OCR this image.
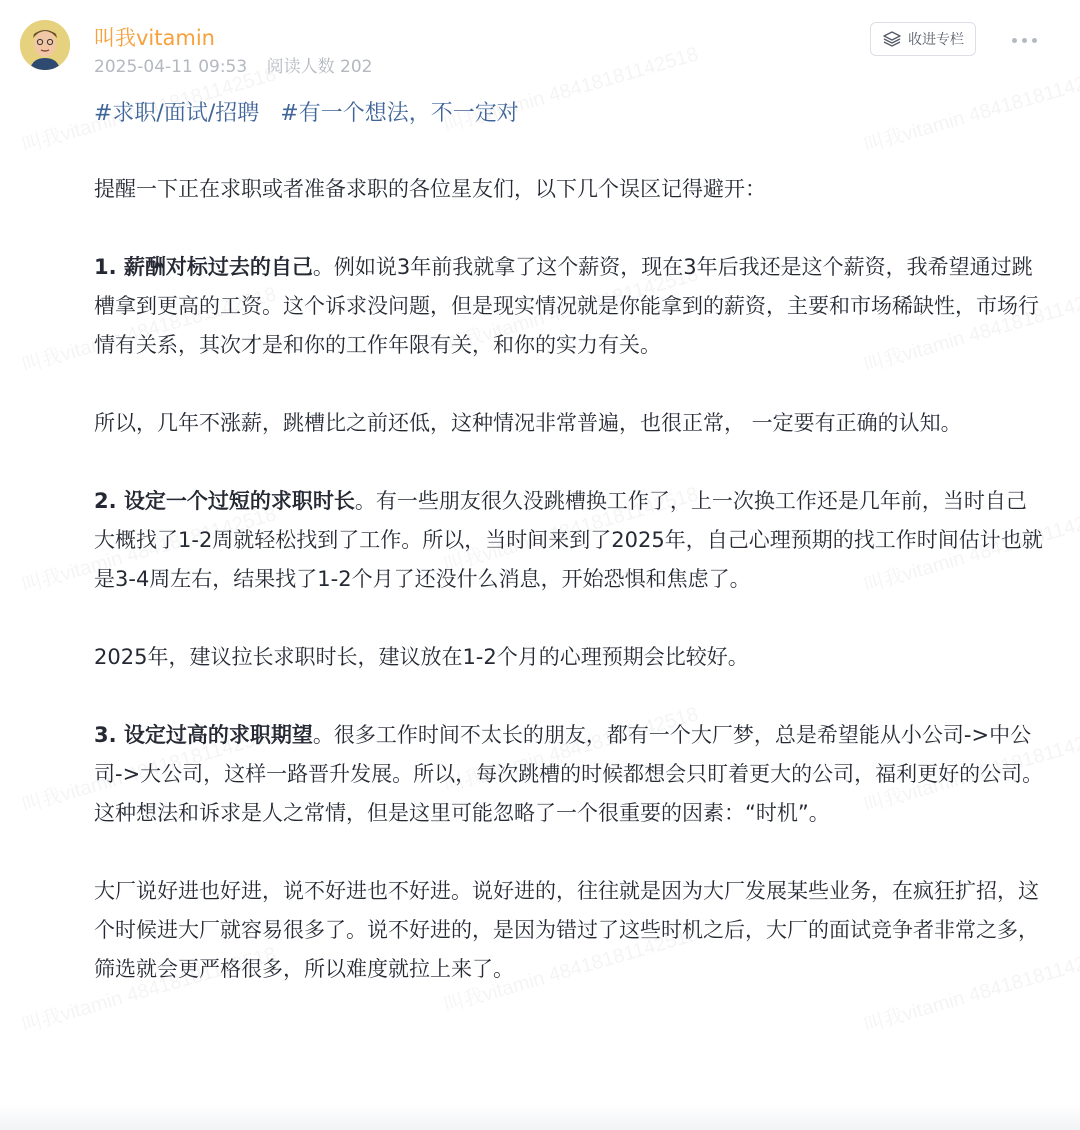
叫我vitamin
2025-04-11 09:53 阅读人数 202
收进专栏
#求职/面试/招聘 #有一个想法，不一定对

提醒一下正在求职或者准备求职的各位星友们，以下几个误区记得避开：

1. 薪酬对标过去的自己。例如说3年前我就拿了这个薪资，现在3年后我还是这个薪资，我希望通过跳槽拿到更高的工资。这个诉求没问题，但是现实情况就是你能拿到的薪资，主要和市场稀缺性，市场行情有关系，其次才是和你的工作年限有关，和你的实力有关。

所以，几年不涨薪，跳槽比之前还低，这种情况非常普遍，也很正常， 一定要有正确的认知。

2. 设定一个过短的求职时长。有一些朋友很久没跳槽换工作了，上一次换工作还是几年前，当时自己大概找了1-2周就轻松找到了工作。所以，当时间来到了2025年，自己心理预期的找工作时间估计也就是3-4周左右，结果找了1-2个月了还没什么消息，开始恐惧和焦虑了。

2025年，建议拉长求职时长，建议放在1-2个月的心理预期会比较好。

3. 设定过高的求职期望。很多工作时间不太长的朋友，都有一个大厂梦，总是希望能从小公司->中公司->大公司，这样一路晋升发展。所以，每次跳槽的时候都想会只盯着更大的公司，福利更好的公司。这种想法和诉求是人之常情，但是这里可能忽略了一个很重要的因素：“时机”。

大厂说好进也好进，说不好进也不好进。说好进的，往往就是因为大厂发展某些业务，在疯狂扩招，这个时候进大厂就容易很多了。说不好进的，是因为错过了这些时机之后，大厂的面试竞争者非常之多，筛选就会更严格很多，所以难度就拉上来了。
